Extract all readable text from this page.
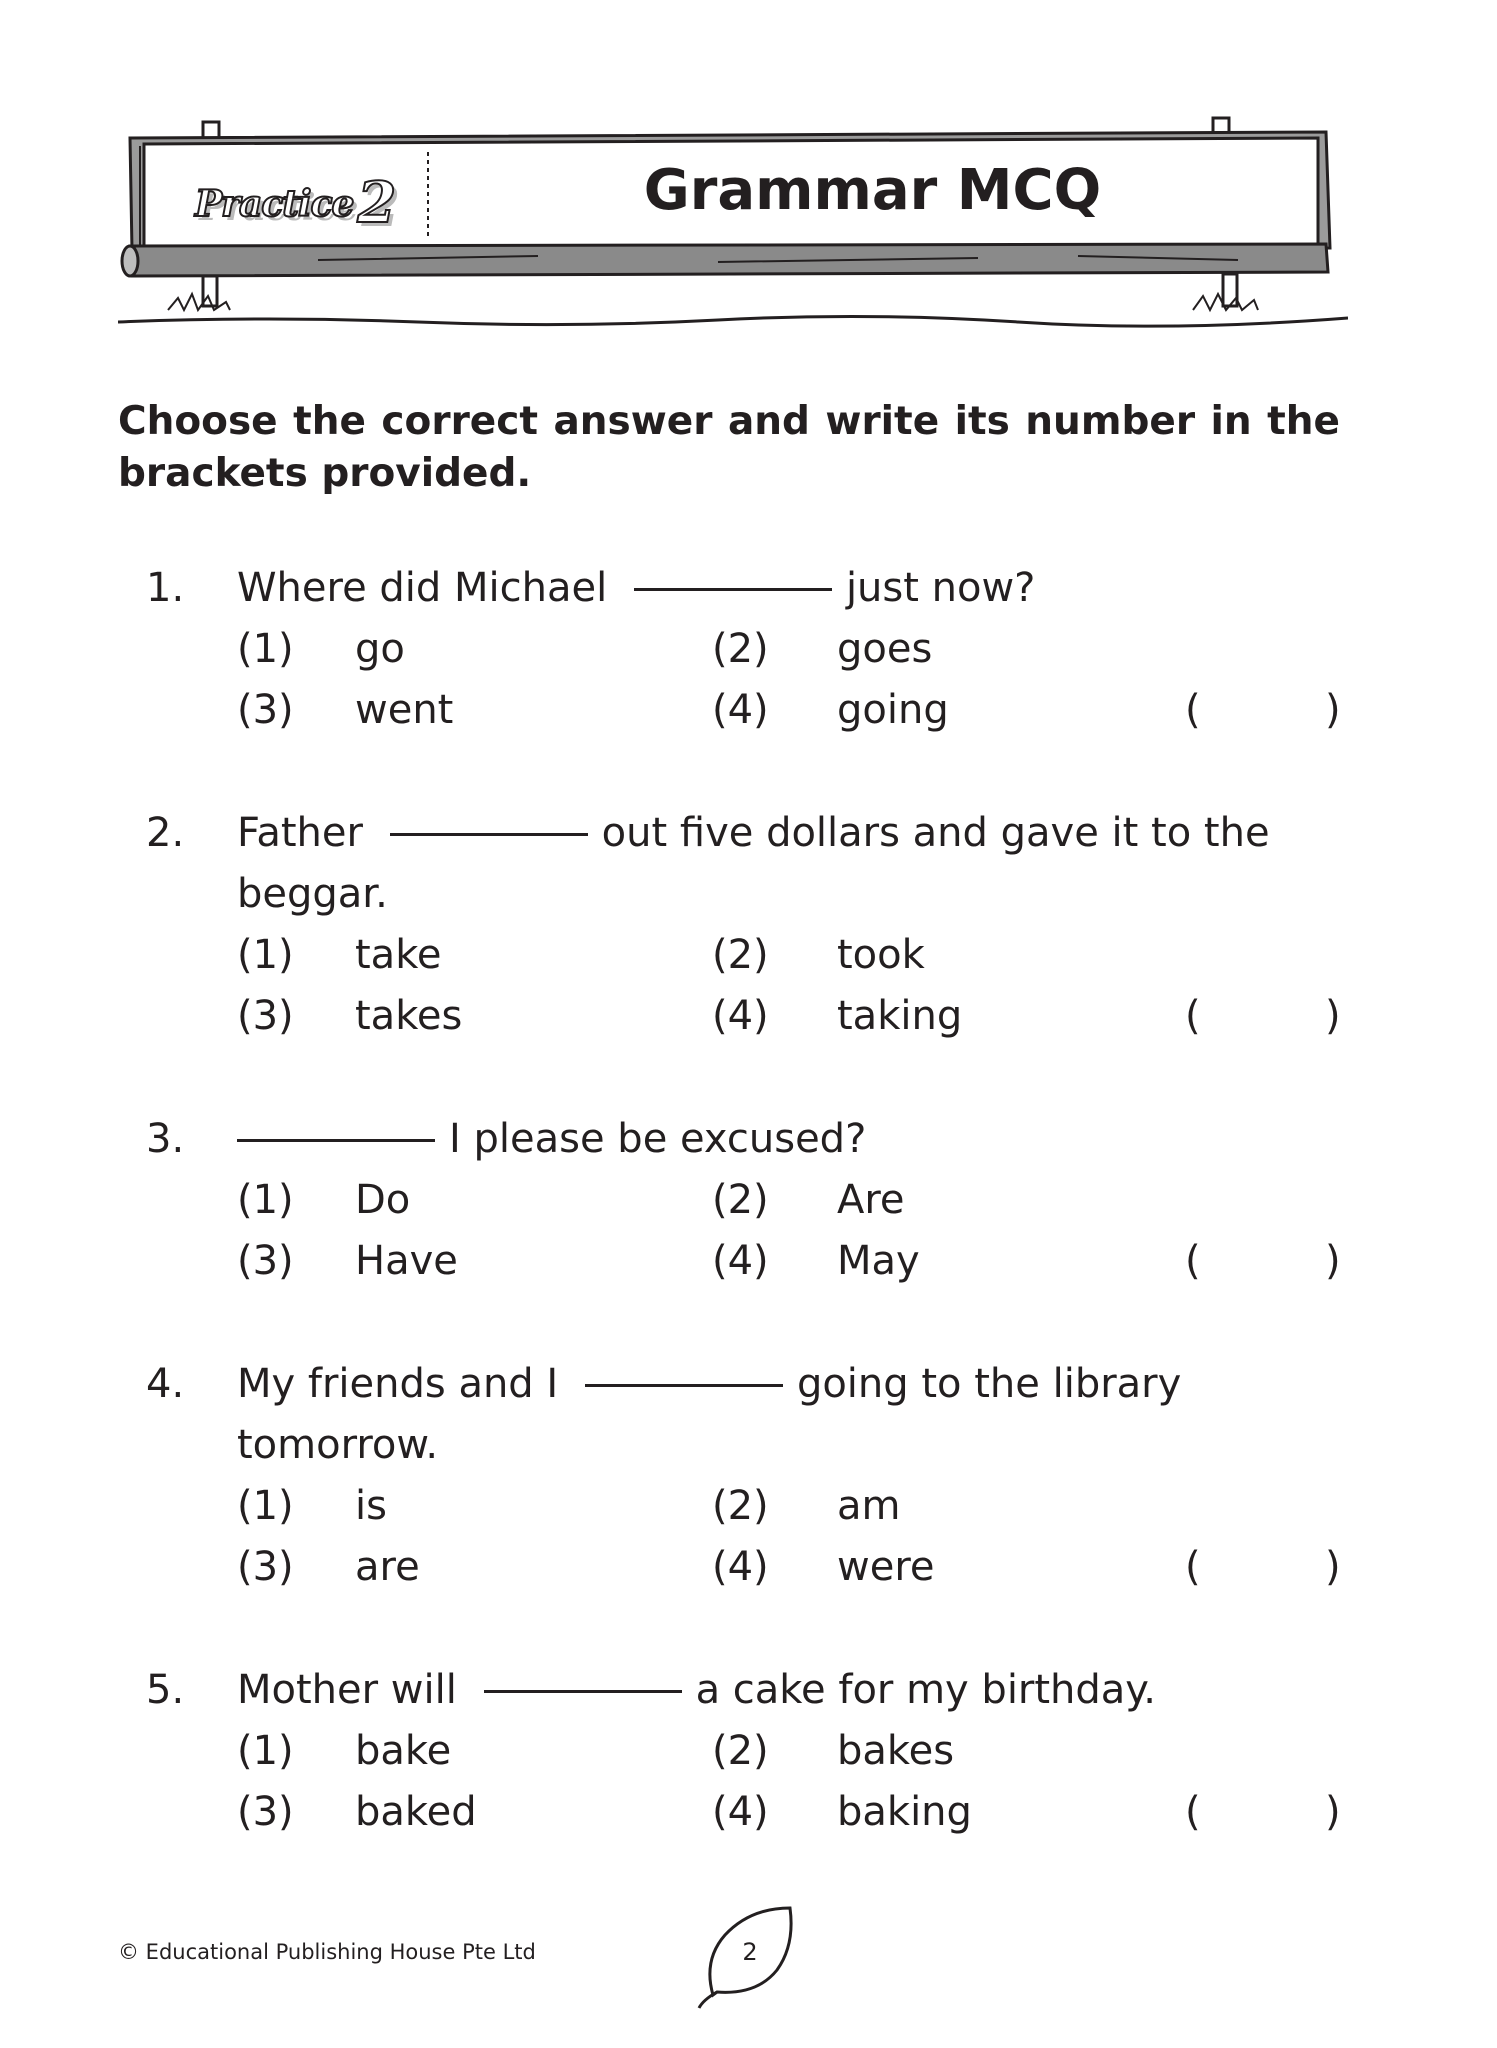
Practice2	Grammar MCQ
Choose the correct answer and write its number in the brackets provided.
1. Where did Michael	just now?
(1) go	(2) goes
(3) went	(4) going	(	)
2. Father	out five dollars and gave it to the
beggar.
(1) take	(2) took
(3) takes	(4) taking	(	)
3.	I please be excused?
(1) Do	(2) Are
(3) Have	(4) May	(	)
4. My friends and I	going to the library
tomorrow.
(1) is	(2) am
(3) are	(4) were	(	)
5. Mother will	a cake for my birthday.
(1) bake	(2) bakes
(3) baked	(4) baking	(	)
© Educational Publishing House Pte Ltd	2
